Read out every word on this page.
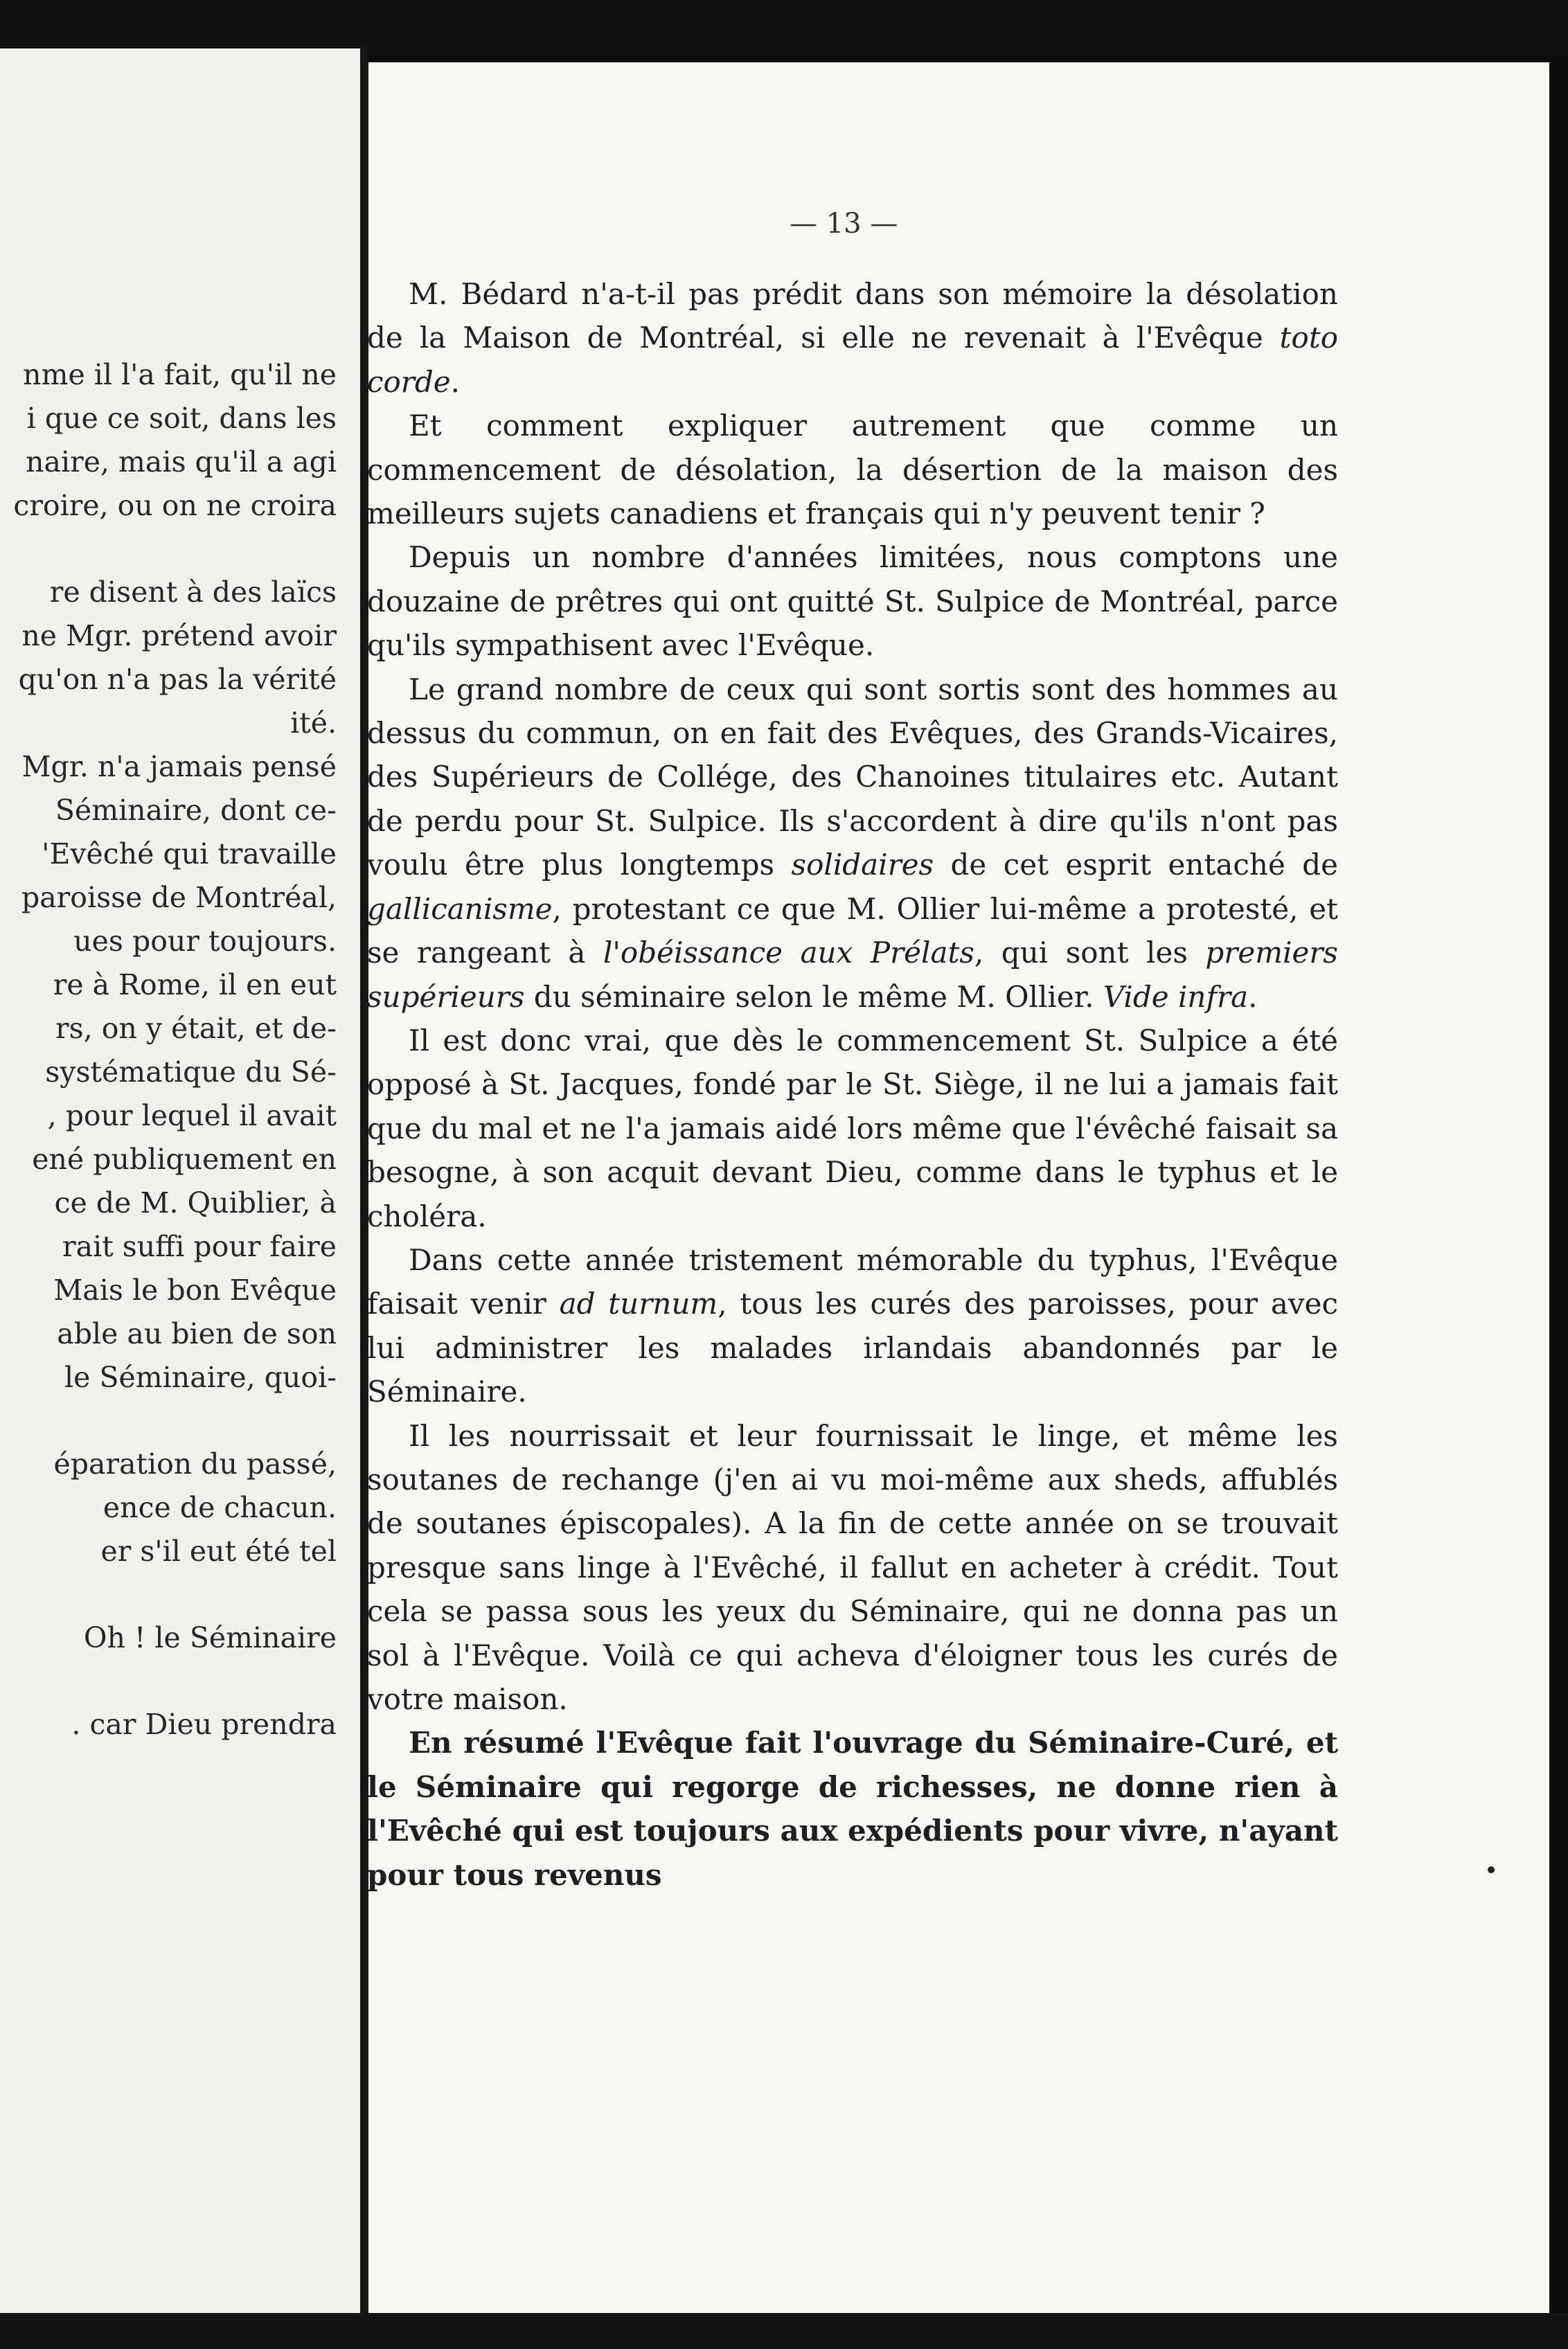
nme il l'a fait, qu'il ne
i que ce soit, dans les
naire, mais qu'il a agi
croire, ou on ne croira
re disent à des laïcs
ne Mgr. prétend avoir
qu'on n'a pas la vérité
ité.
Mgr. n'a jamais pensé
Séminaire, dont ce-
'Evêché qui travaille
paroisse de Montréal,
ues pour toujours.
re à Rome, il en eut
rs, on y était, et de-
systématique du Sé-
, pour lequel il avait
ené publiquement en
ce de M. Quiblier, à
rait suffi pour faire
Mais le bon Evêque
able au bien de son
le Séminaire, quoi-
éparation du passé,
ence de chacun.
er s'il eut été tel
Oh ! le Séminaire
. car Dieu prendra
— 13 —

M. Bédard n'a-t-il pas prédit dans son mémoire la désolation de la Maison de Montréal, si elle ne revenait à l'Evêque toto corde.

Et comment expliquer autrement que comme un commencement de désolation, la désertion de la maison des meilleurs sujets canadiens et français qui n'y peuvent tenir ?

Depuis un nombre d'années limitées, nous comptons une douzaine de prêtres qui ont quitté St. Sulpice de Montréal, parce qu'ils sympathisent avec l'Evêque.

Le grand nombre de ceux qui sont sortis sont des hommes au dessus du commun, on en fait des Evêques, des Grands-Vicaires, des Supérieurs de Collége, des Chanoines titulaires etc. Autant de perdu pour St. Sulpice. Ils s'accordent à dire qu'ils n'ont pas voulu être plus longtemps solidaires de cet esprit entaché de gallicanisme, protestant ce que M. Ollier lui-même a protesté, et se rangeant à l'obéissance aux Prélats, qui sont les premiers supérieurs du séminaire selon le même M. Ollier. Vide infra.

Il est donc vrai, que dès le commencement St. Sulpice a été opposé à St. Jacques, fondé par le St. Siège, il ne lui a jamais fait que du mal et ne l'a jamais aidé lors même que l'évêché faisait sa besogne, à son acquit devant Dieu, comme dans le typhus et le choléra.

Dans cette année tristement mémorable du typhus, l'Evêque faisait venir ad turnum, tous les curés des paroisses, pour avec lui administrer les malades irlandais abandonnés par le Séminaire.

Il les nourrissait et leur fournissait le linge, et même les soutanes de rechange (j'en ai vu moi-même aux sheds, affublés de soutanes épiscopales). A la fin de cette année on se trouvait presque sans linge à l'Evêché, il fallut en acheter à crédit. Tout cela se passa sous les yeux du Séminaire, qui ne donna pas un sol à l'Evêque. Voilà ce qui acheva d'éloigner tous les curés de votre maison.

En résumé l'Evêque fait l'ouvrage du Séminaire-Curé, et le Séminaire qui regorge de richesses, ne donne rien à l'Evêché qui est toujours aux expédients pour vivre, n'ayant pour tous revenus
